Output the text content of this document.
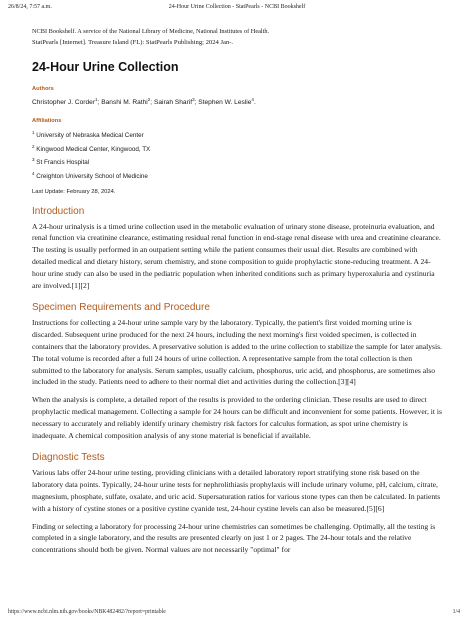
26/8/24, 7:57 a.m.	24-Hour Urine Collection - StatPearls - NCBI Bookshelf
NCBI Bookshelf. A service of the National Library of Medicine, National Institutes of Health.
StatPearls [Internet]. Treasure Island (FL): StatPearls Publishing; 2024 Jan-.
24-Hour Urine Collection
Authors
Christopher J. Corder$^1$; Banshi M. Rathi$^2$; Sairah Sharif$^3$; Stephen W. Leslie$^4$.
Affiliations
$^1$ University of Nebraska Medical Center
$^2$ Kingwood Medical Center, Kingwood, TX
$^3$ St Francis Hospital
$^4$ Creighton University School of Medicine
Last Update: February 28, 2024.
Introduction

A 24-hour urinalysis is a timed urine collection used in the metabolic evaluation of urinary stone disease, proteinuria evaluation, and renal function via creatinine clearance, estimating residual renal function in end-stage renal disease with urea and creatinine clearance. The testing is usually performed in an outpatient setting while the patient consumes their usual diet. Results are combined with detailed medical and dietary history, serum chemistry, and stone composition to guide prophylactic stone-reducing treatment. A 24-hour urine study can also be used in the pediatric population when inherited conditions such as primary hyperoxaluria and cystinuria are involved.[1][2]

Specimen Requirements and Procedure

Instructions for collecting a 24-hour urine sample vary by the laboratory. Typically, the patient's first voided morning urine is discarded. Subsequent urine produced for the next 24 hours, including the next morning's first voided specimen, is collected in containers that the laboratory provides. A preservative solution is added to the urine collection to stabilize the sample for later analysis. The total volume is recorded after a full 24 hours of urine collection. A representative sample from the total collection is then submitted to the laboratory for analysis. Serum samples, usually calcium, phosphorus, uric acid, and phosphorus, are sometimes also included in the study. Patients need to adhere to their normal diet and activities during the collection.[3][4]

When the analysis is complete, a detailed report of the results is provided to the ordering clinician. These results are used to direct prophylactic medical management. Collecting a sample for 24 hours can be difficult and inconvenient for some patients. However, it is necessary to accurately and reliably identify urinary chemistry risk factors for calculus formation, as spot urine chemistry is inadequate. A chemical composition analysis of any stone material is beneficial if available.

Diagnostic Tests

Various labs offer 24-hour urine testing, providing clinicians with a detailed laboratory report stratifying stone risk based on the laboratory data points. Typically, 24-hour urine tests for nephrolithiasis prophylaxis will include urinary volume, pH, calcium, citrate, magnesium, phosphate, sulfate, oxalate, and uric acid. Supersaturation ratios for various stone types can then be calculated. In patients with a history of cystine stones or a positive cystine cyanide test, 24-hour cystine levels can also be measured.[5][6]

Finding or selecting a laboratory for processing 24-hour urine chemistries can sometimes be challenging. Optimally, all the testing is completed in a single laboratory, and the results are presented clearly on just 1 or 2 pages. The 24-hour totals and the relative concentrations should both be given. Normal values are not necessarily "optimal" for

https://www.ncbi.nlm.nih.gov/books/NBK482482/?report=printable	1/4
